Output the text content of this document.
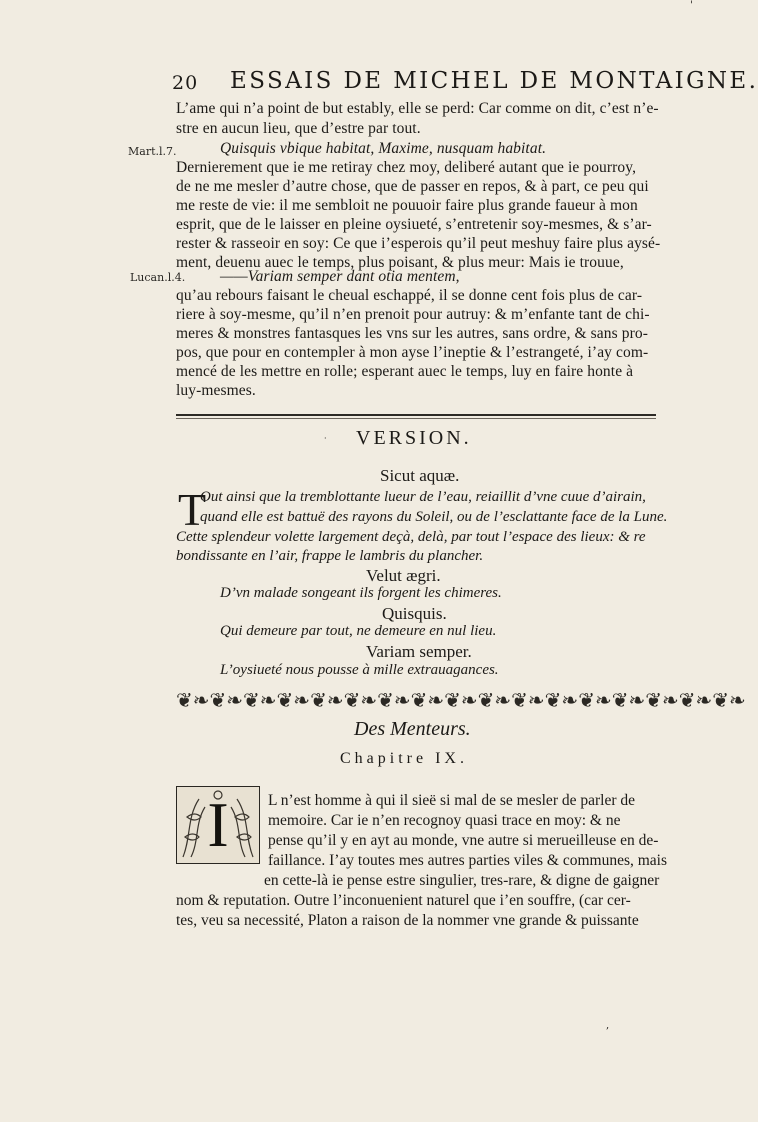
20 ESSAIS DE MICHEL DE MONTAIGNE.
Mart.l.7.
Lucan.l.4.
L’ame qui n’a point de but estably, elle se perd: Car comme on dit, c’est n’e-
stre en aucun lieu, que d’estre par tout.
Quisquis vbique habitat, Maxime, nusquam habitat.
Dernierement que ie me retiray chez moy, deliberé autant que ie pourroy,
de ne me mesler d’autre chose, que de passer en repos, & à part, ce peu qui
me reste de vie: il me sembloit ne pouuoir faire plus grande faueur à mon
esprit, que de le laisser en pleine oysiueté, s’entretenir soy-mesmes, & s’ar-
rester & rasseoir en soy: Ce que i’esperois qu’il peut meshuy faire plus aysé-
ment, deuenu auec le temps, plus poisant, & plus meur: Mais ie trouue,
——Variam semper dant otia mentem,
qu’au rebours faisant le cheual eschappé, il se donne cent fois plus de car-
riere à soy-mesme, qu’il n’en prenoit pour autruy: & m’enfante tant de chi-
meres & monstres fantasques les vns sur les autres, sans ordre, & sans pro-
pos, que pour en contempler à mon ayse l’ineptie & l’estrangeté, i’ay com-
mencé de les mettre en rolle; esperant auec le temps, luy en faire honte à
luy-mesmes.
· VERSION.
Sicut aquæ.
T
Out ainsi que la tremblottante lueur de l’eau, reiaillit d’vne cuue d’airain,
quand elle est battuë des rayons du Soleil, ou de l’esclattante face de la Lune.
Cette splendeur volette largement deçà, delà, par tout l’espace des lieux: & re
bondissante en l’air, frappe le lambris du plancher.
Velut ægri.
D’vn malade songeant ils forgent les chimeres.
Quisquis.
Qui demeure par tout, ne demeure en nul lieu.
Variam semper.
L’oysiueté nous pousse à mille extrauagances.
❦❧❦❧❦❧❦❧❦❧❦❧❦❧❦❧❦❧❦❧❦❧❦❧❦❧❦❧❦❧❦❧❦❧
Des Menteurs.
Chapitre IX.
I	L n’est homme à qui il sieë si mal de se mesler de parler de
memoire. Car ie n’en recognoy quasi trace en moy: & ne
pense qu’il y en ayt au monde, vne autre si merueilleuse en de-
faillance. I’ay toutes mes autres parties viles & communes, mais
en cette-là ie pense estre singulier, tres-rare, & digne de gaigner
nom & reputation. Outre l’inconuenient naturel que i’en souffre, (car cer-
tes, veu sa necessité, Platon a raison de la nommer vne grande & puissante
'
,
